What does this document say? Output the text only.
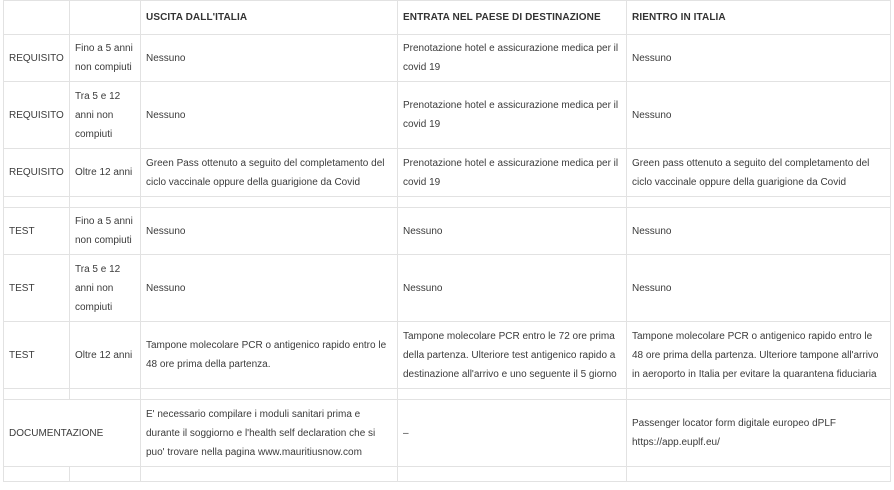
		USCITA DALL'ITALIA	ENTRATA NEL PAESE DI DESTINAZIONE	RIENTRO IN ITALIA
REQUISITO	Fino a 5 anni non compiuti	Nessuno	Prenotazione hotel e assicurazione medica per il covid 19	Nessuno
REQUISITO	Tra 5 e 12 anni non compiuti	Nessuno	Prenotazione hotel e assicurazione medica per il covid 19	Nessuno
REQUISITO	Oltre 12 anni	Green Pass ottenuto a seguito del completamento del ciclo vaccinale oppure della guarigione da Covid	Prenotazione hotel e assicurazione medica per il covid 19	Green pass ottenuto a seguito del completamento del ciclo vaccinale oppure della guarigione da Covid

TEST	Fino a 5 anni non compiuti	Nessuno	Nessuno	Nessuno
TEST	Tra 5 e 12 anni non compiuti	Nessuno	Nessuno	Nessuno
TEST	Oltre 12 anni	Tampone molecolare PCR o antigenico rapido entro le 48 ore prima della partenza.	Tampone molecolare PCR entro le 72 ore prima della partenza. Ulteriore test antigenico rapido a destinazione all'arrivo e uno seguente il 5 giorno	Tampone molecolare PCR o antigenico rapido entro le 48 ore prima della partenza. Ulteriore tampone all'arrivo in aeroporto in Italia per evitare la quarantena fiduciaria

DOCUMENTAZIONE		E' necessario compilare i moduli sanitari prima e durante il soggiorno e l'health self declaration che si puo' trovare nella pagina www.mauritiusnow.com	–	Passenger locator form digitale europeo dPLF https://app.euplf.eu/
